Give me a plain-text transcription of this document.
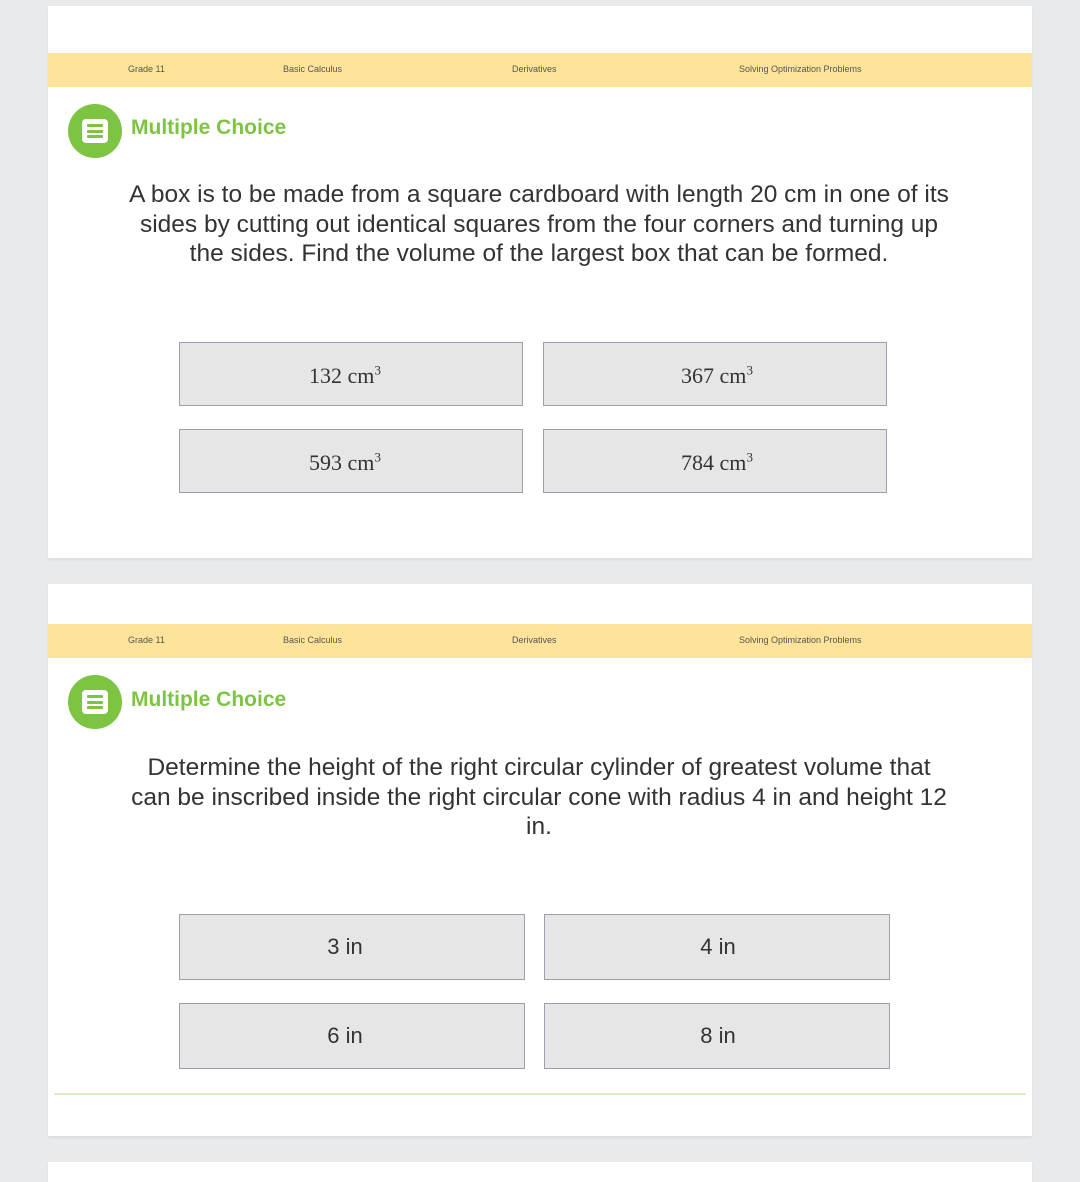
Grade 11	Basic Calculus	Derivatives	Solving Optimization Problems
Multiple Choice
A box is to be made from a square cardboard with length 20 cm in one of its sides by cutting out identical squares from the four corners and turning up the sides. Find the volume of the largest box that can be formed.
132 $cm^3$	367 $cm^3$
593 $cm^3$	784 $cm^3$
Grade 11	Basic Calculus	Derivatives	Solving Optimization Problems
Multiple Choice
Determine the height of the right circular cylinder of greatest volume that can be inscribed inside the right circular cone with radius 4 in and height 12 in.
3 in	4 in
6 in	8 in
